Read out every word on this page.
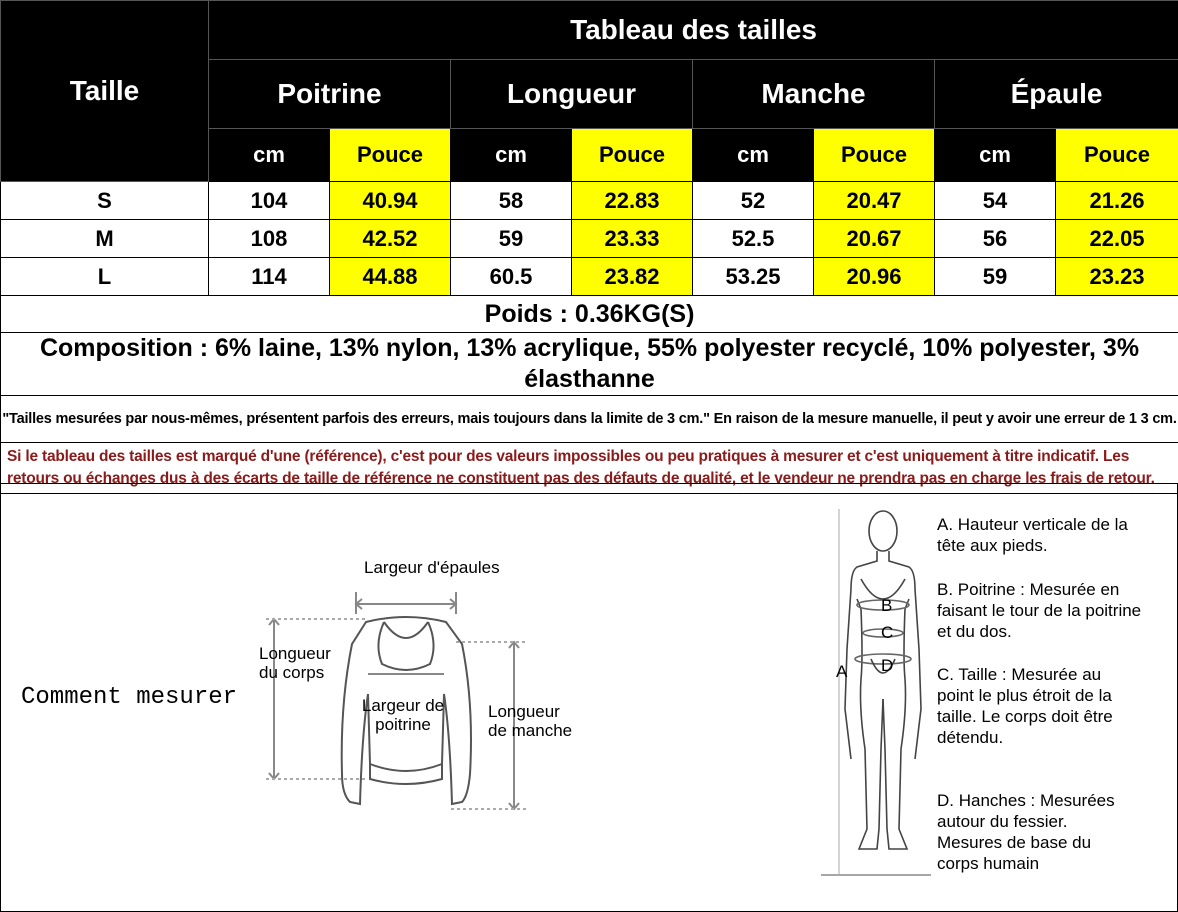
Taille	Tableau des tailles							
	Poitrine		Longueur		Manche		Épaule	
	cm	Pouce	cm	Pouce	cm	Pouce	cm	Pouce
S	104	40.94	58	22.83	52	20.47	54	21.26
M	108	42.52	59	23.33	52.5	20.67	56	22.05
L	114	44.88	60.5	23.82	53.25	20.96	59	23.23
Poids : 0.36KG(S)								
Composition : 6% laine, 13% nylon, 13% acrylique, 55% polyester recyclé, 10% polyester, 3% élasthanne								
"Tailles mesurées par nous-mêmes, présentent parfois des erreurs, mais toujours dans la limite de 3 cm." En raison de la mesure manuelle, il peut y avoir une erreur de 1 3 cm.								
Si le tableau des tailles est marqué d'une (référence), c'est pour des valeurs impossibles ou peu pratiques à mesurer et c'est uniquement à titre indicatif. Les retours ou échanges dus à des écarts de taille de référence ne constituent pas des défauts de qualité, et le vendeur ne prendra pas en charge les frais de retour.								
Comment mesurer
Largeur d'épaules
Longueur du corps
Largeur de poitrine
Longueur de manche
A
B
C
D
A. Hauteur verticale de la tête aux pieds.
B. Poitrine : Mesurée en faisant le tour de la poitrine et du dos.
C. Taille : Mesurée au point le plus étroit de la taille. Le corps doit être détendu.
D. Hanches : Mesurées autour du fessier. Mesures de base du corps humain
